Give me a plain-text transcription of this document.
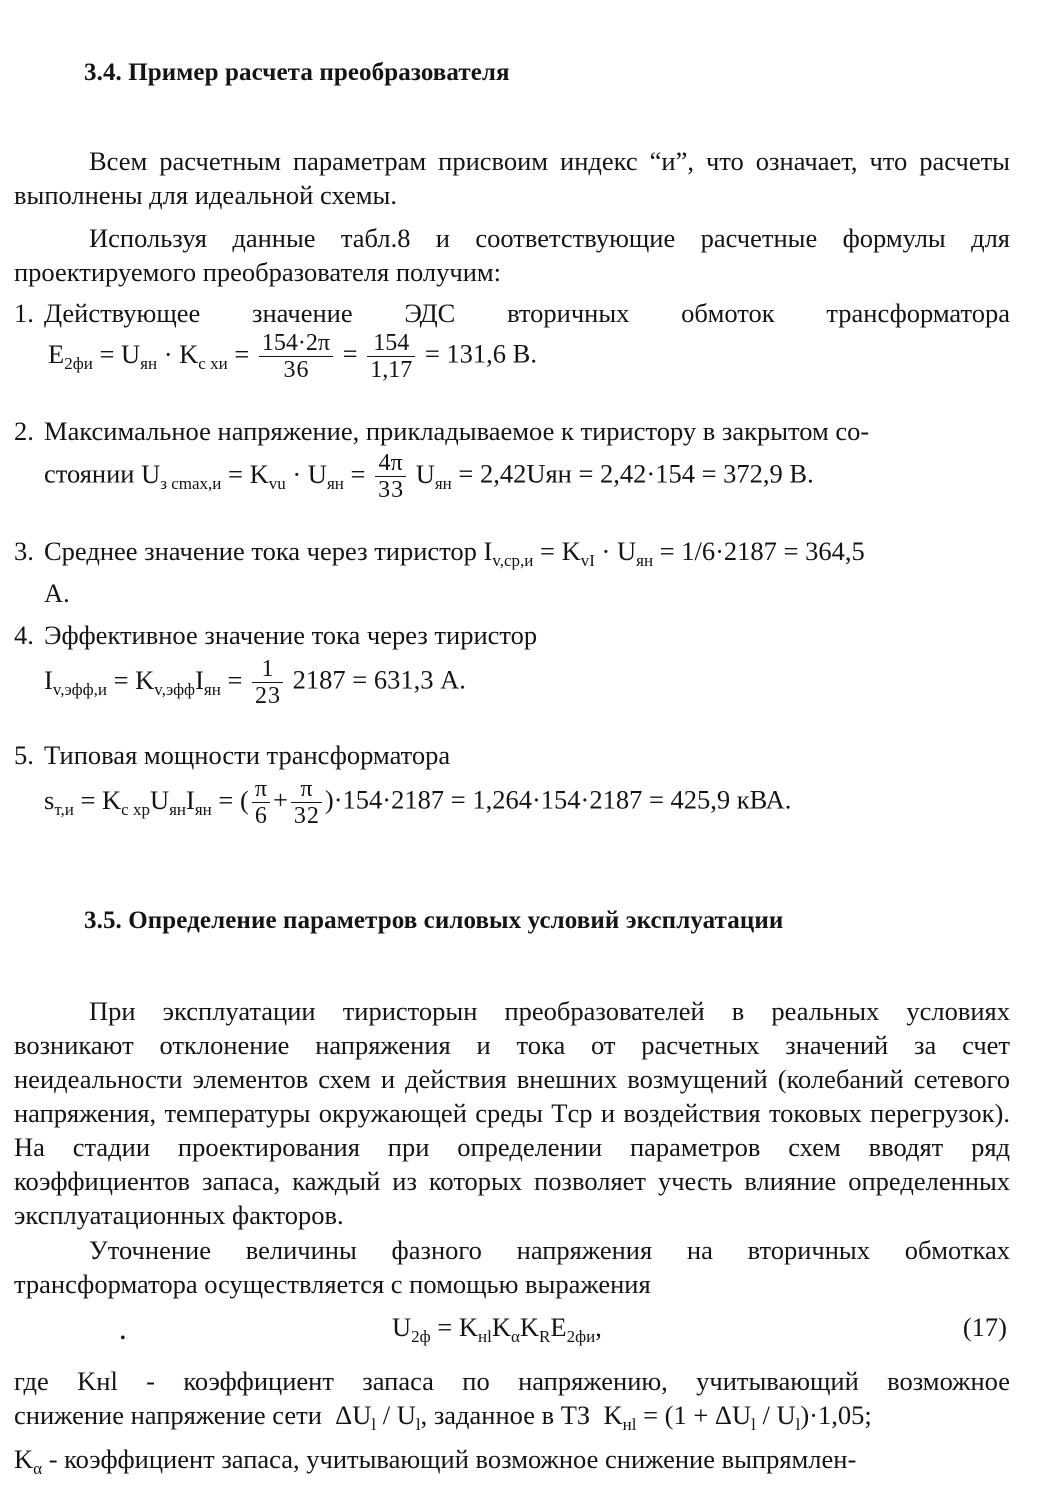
3.4. Пример расчета преобразователя
Всем расчетным параметрам присвоим индекс “и”, что означает, что расчеты выполнены для идеальной схемы.
Используя данные табл.8 и соответствующие расчетные формулы для проектируемого преобразователя получим:
1. Действующее значение ЭДС вторичных обмоток трансформатора
$E_{2фи} = U_{ян} \cdot K_{c xи} = \frac{154\cdot 2\pi}{36} = \frac{154}{1,17} = 131,6$ В.
2. Максимальное напряжение, прикладываемое к тиристору в закрытом со-
стоянии $U_{з cmax,и} = K_{vu} \cdot U_{ян} = \frac{4\pi}{33} U_{ян} = 2,42Uян = 2,42\cdot 154 = 372,9$ В.
3. Среднее значение тока через тиристор $I_{v,ср,и} = K_{vI} \cdot U_{ян} = 1/6\cdot 2187 = 364,5$
А.
4. Эффективное значение тока через тиристор
$I_{v,эфф,и} = K_{v,эфф}I_{ян} = \frac{1}{23} 2187 = 631,3$ А.
5. Типовая мощности трансформатора
$s_{т,и} = K_{c xp}U_{ян}I_{ян}$ = ( $\frac{\pi}{6} + \frac{\pi}{32} )\cdot 154\cdot 2187 = 1,264\cdot 154\cdot 2187 = 425,9$ кВА.
3.5. Определение параметров силовых условий эксплуатации
При эксплуатации тиристорын преобразователей в реальных условиях возникают отклонение напряжения и тока от расчетных значений за счет неидеальности элементов схем и действия внешних возмущений (колебаний сетевого напряжения, температуры окружающей среды Tср и воздействия токовых перегрузок). На стадии проектирования при определении параметров схем вводят ряд коэффициентов запаса, каждый из которых позволяет учесть влияние определенных эксплуатационных факторов.
Уточнение величины фазного напряжения на вторичных обмотках трансформатора осуществляется с помощью выражения
•	$U_{2ф} = K_{нl}K_\alpha K_RE_{2фи}$,	(17)
где Kнl - коэффициент запаса по напряжению, учитывающий возможное
снижение напряжение сети  $\Delta U_l / U_l$, заданное в ТЗ  $K_{нl} = (1 + \Delta U_l / U_l)\cdot 1,05$;
$K_\alpha$ - коэффициент запаса, учитывающий возможное снижение выпрямлен-
